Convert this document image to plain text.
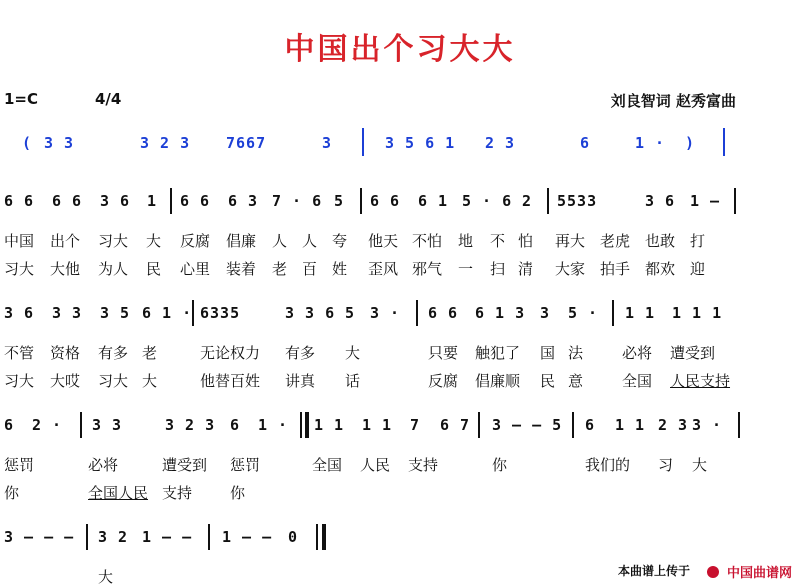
中国出个习大大
1=C	4/4	刘良智词 赵秀富曲
( 3 3	3 2 3 7667	3	3 5 6 1 2 3	6	1 · )
6 6 6 6 3 6 1 6 6 6 3 7 · 6 5 6 6 6 1 5 · 6 2 5533	3 6 1 —
中国 出个 习大 大 反腐 倡廉 人 人 夸 他天 不怕 地 不 怕 再大 老虎 也敢 打
习大 大他 为人 民 心里 装着 老 百 姓 歪风 邪气 一 扫 清 大家 拍手 都欢 迎
3 6 3 3 3 5 6 1 · 6335	3 3 6 5 3 · 6 6 6 1 3 3 5 · 1 1 1 1 1
不管 资格 有多 老	无论权力 有多 大	只要 触犯了 国 法	必将 遭受到
习大 大哎 习大 大	他替百姓 讲真 话	反腐 倡廉顺 民 意	全国 人民支持
6 2 · 3 3	3 2 3 6 1 · 1 1 1 1 7 6 7 3 — — 5 6 1 1 2 3 3 ·
惩罚	必将	遭受到 惩罚	全国 人民 支持	你	我们的 习 大
你	全国人民 支持	你
3 — — — 3 2 1 — — 1 — — 0
大	本曲谱上传于	中国曲谱网
